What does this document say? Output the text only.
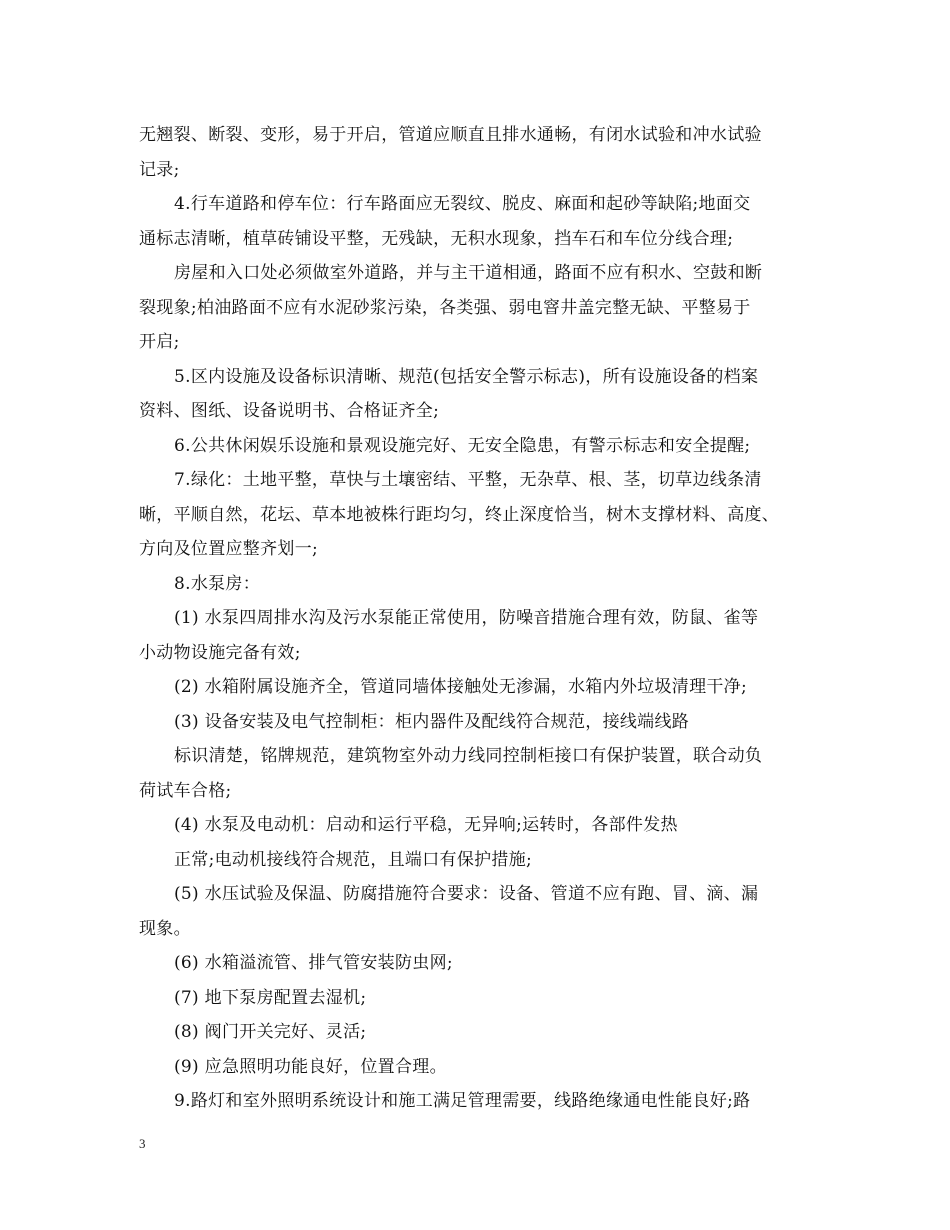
无翘裂、断裂、变形，易于开启，管道应顺直且排水通畅，有闭水试验和冲水试验
记录;
4.行车道路和停车位：行车路面应无裂纹、脱皮、麻面和起砂等缺陷;地面交
通标志清晰，植草砖铺设平整，无残缺，无积水现象，挡车石和车位分线合理;
房屋和入口处必须做室外道路，并与主干道相通，路面不应有积水、空鼓和断
裂现象;柏油路面不应有水泥砂浆污染，各类强、弱电窨井盖完整无缺、平整易于
开启;
5.区内设施及设备标识清晰、规范(包括安全警示标志)，所有设施设备的档案
资料、图纸、设备说明书、合格证齐全;
6.公共休闲娱乐设施和景观设施完好、无安全隐患，有警示标志和安全提醒;
7.绿化：土地平整，草快与土壤密结、平整，无杂草、根、茎，切草边线条清
晰，平顺自然，花坛、草本地被株行距均匀，终止深度恰当，树木支撑材料、高度、
方向及位置应整齐划一;
8.水泵房：
(1) 水泵四周排水沟及污水泵能正常使用，防噪音措施合理有效，防鼠、雀等
小动物设施完备有效;
(2) 水箱附属设施齐全，管道同墙体接触处无渗漏，水箱内外垃圾清理干净;
(3) 设备安装及电气控制柜：柜内器件及配线符合规范，接线端线路
标识清楚，铭牌规范，建筑物室外动力线同控制柜接口有保护装置，联合动负
荷试车合格;
(4) 水泵及电动机：启动和运行平稳，无异响;运转时，各部件发热
正常;电动机接线符合规范，且端口有保护措施;
(5) 水压试验及保温、防腐措施符合要求：设备、管道不应有跑、冒、滴、漏
现象。
(6) 水箱溢流管、排气管安装防虫网;
(7) 地下泵房配置去湿机;
(8) 阀门开关完好、灵活;
(9) 应急照明功能良好，位置合理。
9.路灯和室外照明系统设计和施工满足管理需要，线路绝缘通电性能良好;路
3
